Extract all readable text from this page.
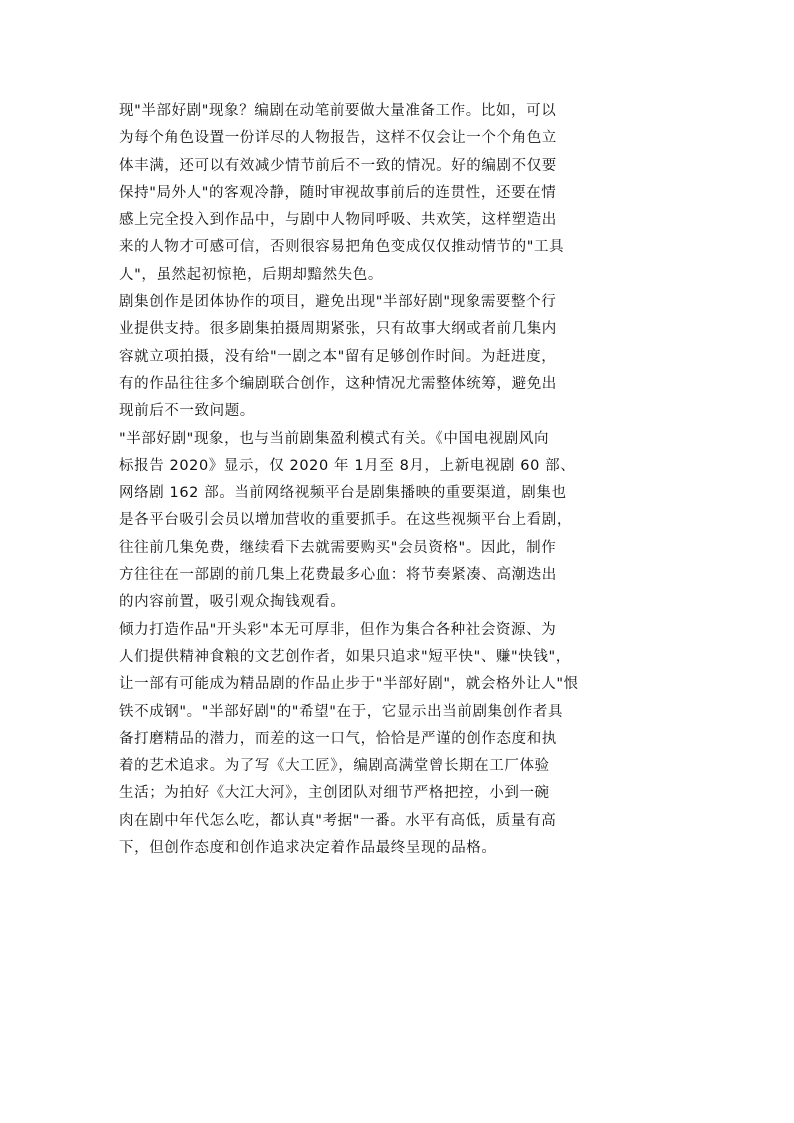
现"半部好剧"现象？编剧在动笔前要做大量准备工作。比如，可以
为每个角色设置一份详尽的人物报告，这样不仅会让一个个角色立
体丰满，还可以有效减少情节前后不一致的情况。好的编剧不仅要
保持"局外人"的客观冷静，随时审视故事前后的连贯性，还要在情
感上完全投入到作品中，与剧中人物同呼吸、共欢笑，这样塑造出
来的人物才可感可信，否则很容易把角色变成仅仅推动情节的"工具
人"，虽然起初惊艳，后期却黯然失色。

剧集创作是团体协作的项目，避免出现"半部好剧"现象需要整个行
业提供支持。很多剧集拍摄周期紧张，只有故事大纲或者前几集内
容就立项拍摄，没有给"一剧之本"留有足够创作时间。为赶进度，
有的作品往往多个编剧联合创作，这种情况尤需整体统筹，避免出
现前后不一致问题。

"半部好剧"现象，也与当前剧集盈利模式有关。《中国电视剧风向
标报告 2020》显示，仅 2020 年 1月至 8月，上新电视剧 60 部、
网络剧 162 部。当前网络视频平台是剧集播映的重要渠道，剧集也
是各平台吸引会员以增加营收的重要抓手。在这些视频平台上看剧，
往往前几集免费，继续看下去就需要购买"会员资格"。因此，制作
方往往在一部剧的前几集上花费最多心血：将节奏紧凑、高潮迭出
的内容前置，吸引观众掏钱观看。

倾力打造作品"开头彩"本无可厚非，但作为集合各种社会资源、为
人们提供精神食粮的文艺创作者，如果只追求"短平快"、赚"快钱"，
让一部有可能成为精品剧的作品止步于"半部好剧"，就会格外让人"恨
铁不成钢"。"半部好剧"的"希望"在于，它显示出当前剧集创作者具
备打磨精品的潜力，而差的这一口气，恰恰是严谨的创作态度和执
着的艺术追求。为了写《大工匠》，编剧高满堂曾长期在工厂体验
生活；为拍好《大江大河》，主创团队对细节严格把控，小到一碗
肉在剧中年代怎么吃，都认真"考据"一番。水平有高低，质量有高
下，但创作态度和创作追求决定着作品最终呈现的品格。
